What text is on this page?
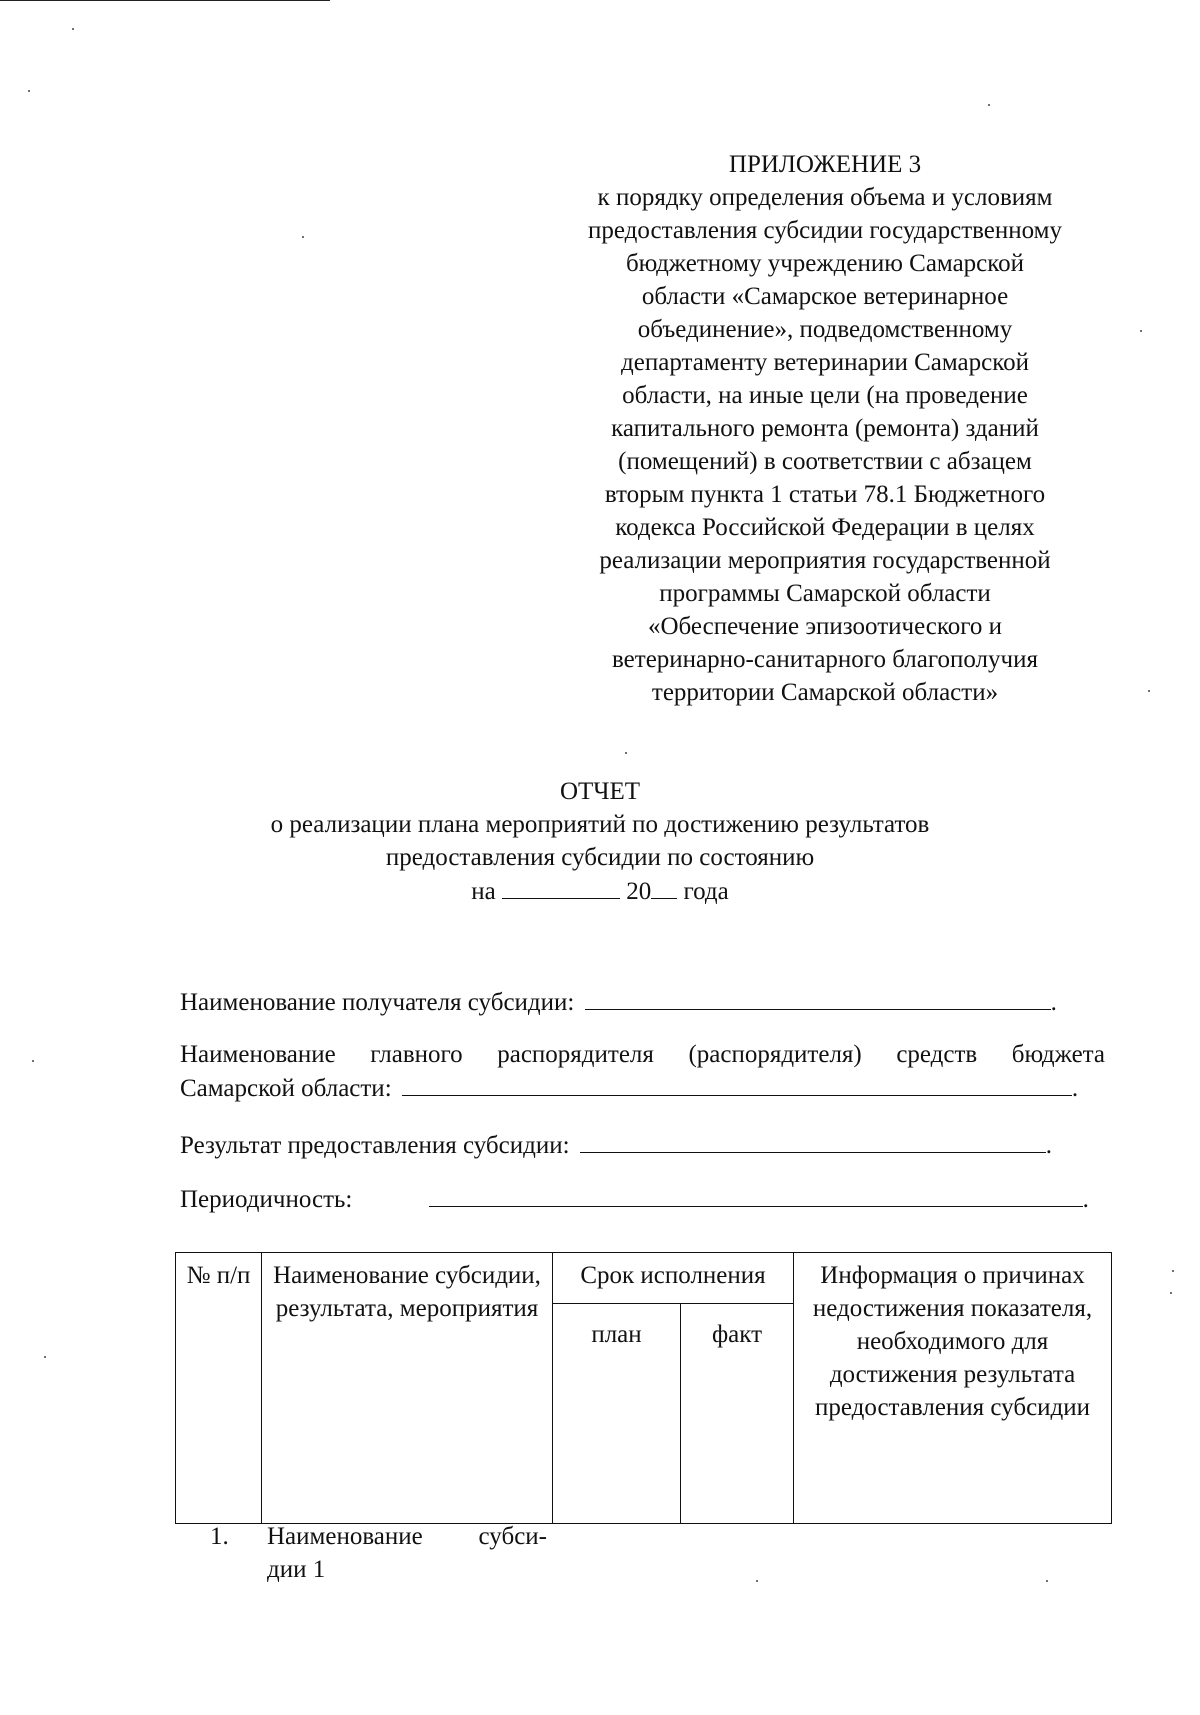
ПРИЛОЖЕНИЕ 3
к порядку определения объема и условиям
предоставления субсидии государственному
бюджетному учреждению Самарской
области «Самарское ветеринарное
объединение», подведомственному
департаменту ветеринарии Самарской
области, на иные цели (на проведение
капитального ремонта (ремонта) зданий
(помещений) в соответствии с абзацем
вторым пункта 1 статьи 78.1 Бюджетного
кодекса Российской Федерации в целях
реализации мероприятия государственной
программы Самарской области
«Обеспечение эпизоотического и
ветеринарно-санитарного благополучия
территории Самарской области»
ОТЧЕТ
о реализации плана мероприятий по достижению результатов
предоставления субсидии по состоянию
на	20 года
Наименование получателя субсидии:	.
Наименование главного распорядителя (распорядителя) средств бюджета
Самарской области:	.
Результат предоставления субсидии:	.
Периодичность:	.
№ п/п	Наименование субсидии, результата, мероприятия	Срок исполнения		Информация о причинах недостижения показателя, необходимого для достижения результата предоставления субсидии
		план	факт	
1.	Наименование субси-
дии 1
